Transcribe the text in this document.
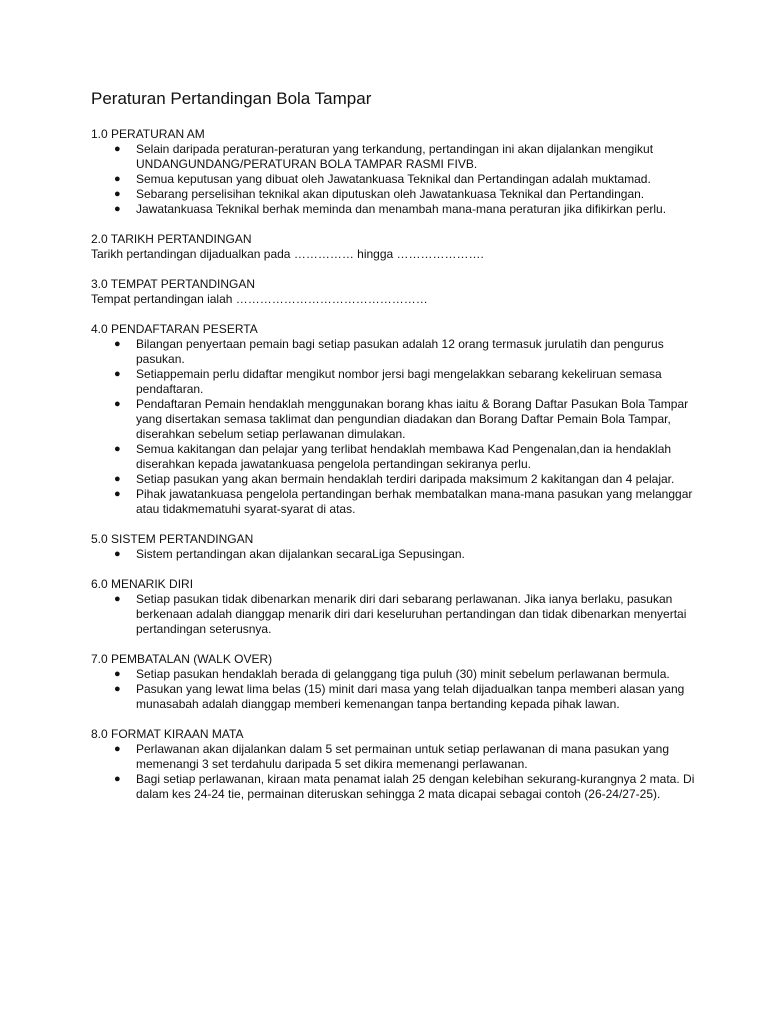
Peraturan Pertandingan Bola Tampar

1.0 PERATURAN AM

● Selain daripada peraturan-peraturan yang terkandung, pertandingan ini akan dijalankan mengikut UNDANGUNDANG/PERATURAN BOLA TAMPAR RASMI FIVB.
● Semua keputusan yang dibuat oleh Jawatankuasa Teknikal dan Pertandingan adalah muktamad.
● Sebarang perselisihan teknikal akan diputuskan oleh Jawatankuasa Teknikal dan Pertandingan.
● Jawatankuasa Teknikal berhak meminda dan menambah mana-mana peraturan jika difikirkan perlu.

2.0 TARIKH PERTANDINGAN

Tarikh pertandingan dijadualkan pada …………… hingga ………………….

3.0 TEMPAT PERTANDINGAN

Tempat pertandingan ialah …………………………………………

4.0 PENDAFTARAN PESERTA

● Bilangan penyertaan pemain bagi setiap pasukan adalah 12 orang termasuk jurulatih dan pengurus pasukan.
● Setiappemain perlu didaftar mengikut nombor jersi bagi mengelakkan sebarang kekeliruan semasa pendaftaran.
● Pendaftaran Pemain hendaklah menggunakan borang khas iaitu & Borang Daftar Pasukan Bola Tampar yang disertakan semasa taklimat dan pengundian diadakan dan Borang Daftar Pemain Bola Tampar, diserahkan sebelum setiap perlawanan dimulakan.
● Semua kakitangan dan pelajar yang terlibat hendaklah membawa Kad Pengenalan,dan ia hendaklah diserahkan kepada jawatankuasa pengelola pertandingan sekiranya perlu.
● Setiap pasukan yang akan bermain hendaklah terdiri daripada maksimum 2 kakitangan dan 4 pelajar.
● Pihak jawatankuasa pengelola pertandingan berhak membatalkan mana-mana pasukan yang melanggar atau tidakmematuhi syarat-syarat di atas.

5.0 SISTEM PERTANDINGAN

● Sistem pertandingan akan dijalankan secaraLiga Sepusingan.

6.0 MENARIK DIRI

● Setiap pasukan tidak dibenarkan menarik diri dari sebarang perlawanan. Jika ianya berlaku, pasukan berkenaan adalah dianggap menarik diri dari keseluruhan pertandingan dan tidak dibenarkan menyertai pertandingan seterusnya.

7.0 PEMBATALAN (WALK OVER)

● Setiap pasukan hendaklah berada di gelanggang tiga puluh (30) minit sebelum perlawanan bermula.
● Pasukan yang lewat lima belas (15) minit dari masa yang telah dijadualkan tanpa memberi alasan yang munasabah adalah dianggap memberi kemenangan tanpa bertanding kepada pihak lawan.

8.0 FORMAT KIRAAN MATA

● Perlawanan akan dijalankan dalam 5 set permainan untuk setiap perlawanan di mana pasukan yang memenangi 3 set terdahulu daripada 5 set dikira memenangi perlawanan.
● Bagi setiap perlawanan, kiraan mata penamat ialah 25 dengan kelebihan sekurang-kurangnya 2 mata. Di dalam kes 24-24 tie, permainan diteruskan sehingga 2 mata dicapai sebagai contoh (26-24/27-25).
